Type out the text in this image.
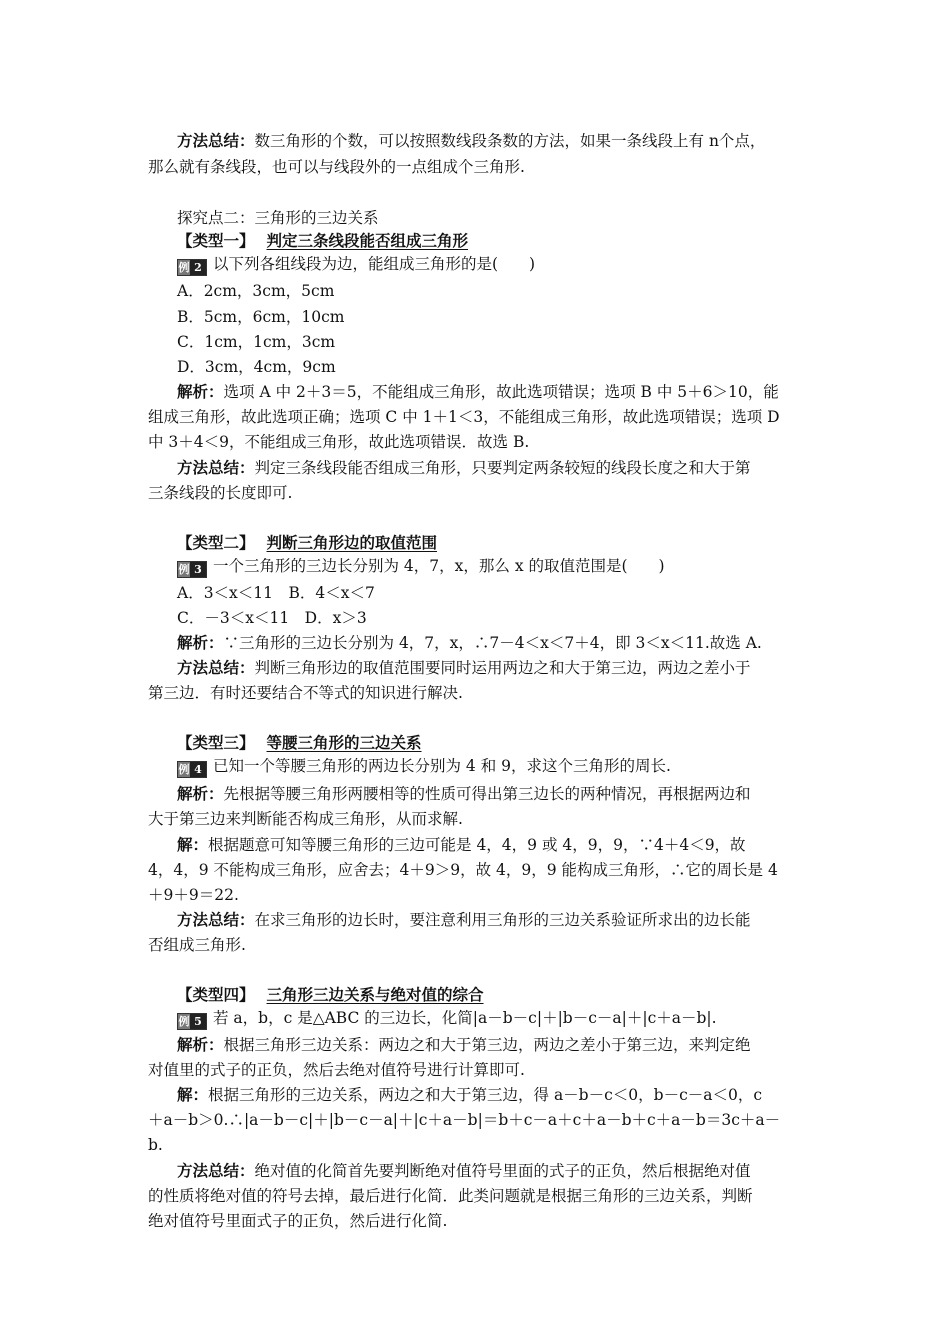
方法总结：数三角形的个数，可以按照数线段条数的方法，如果一条线段上有 n个点，
那么就有条线段，也可以与线段外的一点组成个三角形.
探究点二：三角形的三边关系
【类型一】 判定三条线段能否组成三角形
例 2 以下列各组线段为边，能组成三角形的是(　　)
A．2cm，3cm，5cm
B．5cm，6cm，10cm
C．1cm，1cm，3cm
D．3cm，4cm，9cm
解析：选项 A 中 2＋3＝5，不能组成三角形，故此选项错误；选项 B 中 5＋6＞10，能
组成三角形，故此选项正确；选项 C 中 1＋1＜3，不能组成三角形，故此选项错误；选项 D
中 3＋4＜9，不能组成三角形，故此选项错误．故选 B.
方法总结：判定三条线段能否组成三角形，只要判定两条较短的线段长度之和大于第
三条线段的长度即可.
【类型二】 判断三角形边的取值范围
例 3 一个三角形的三边长分别为 4，7，x，那么 x 的取值范围是(　　)
A．3＜x＜11　B．4＜x＜7
C．－3＜x＜11　D．x＞3
解析：∵三角形的三边长分别为 4，7，x，∴7－4＜x＜7＋4，即 3＜x＜11.故选 A.
方法总结：判断三角形边的取值范围要同时运用两边之和大于第三边，两边之差小于
第三边．有时还要结合不等式的知识进行解决.
【类型三】 等腰三角形的三边关系
例 4 已知一个等腰三角形的两边长分别为 4 和 9，求这个三角形的周长.
解析：先根据等腰三角形两腰相等的性质可得出第三边长的两种情况，再根据两边和
大于第三边来判断能否构成三角形，从而求解.
解：根据题意可知等腰三角形的三边可能是 4，4，9 或 4，9，9，∵4＋4＜9，故
4，4，9 不能构成三角形，应舍去；4＋9＞9，故 4，9，9 能构成三角形，∴它的周长是 4
＋9＋9＝22.
方法总结：在求三角形的边长时，要注意利用三角形的三边关系验证所求出的边长能
否组成三角形.
【类型四】 三角形三边关系与绝对值的综合
例 5 若 a，b，c 是△ABC 的三边长，化简|a－b－c|＋|b－c－a|＋|c＋a－b|.
解析：根据三角形三边关系：两边之和大于第三边，两边之差小于第三边，来判定绝
对值里的式子的正负，然后去绝对值符号进行计算即可.
解：根据三角形的三边关系，两边之和大于第三边，得 a－b－c＜0，b－c－a＜0，c
＋a－b＞0.∴|a－b－c|＋|b－c－a|＋|c＋a－b|＝b＋c－a＋c＋a－b＋c＋a－b＝3c＋a－
b.
方法总结：绝对值的化简首先要判断绝对值符号里面的式子的正负，然后根据绝对值
的性质将绝对值的符号去掉，最后进行化简．此类问题就是根据三角形的三边关系，判断
绝对值符号里面式子的正负，然后进行化简.
